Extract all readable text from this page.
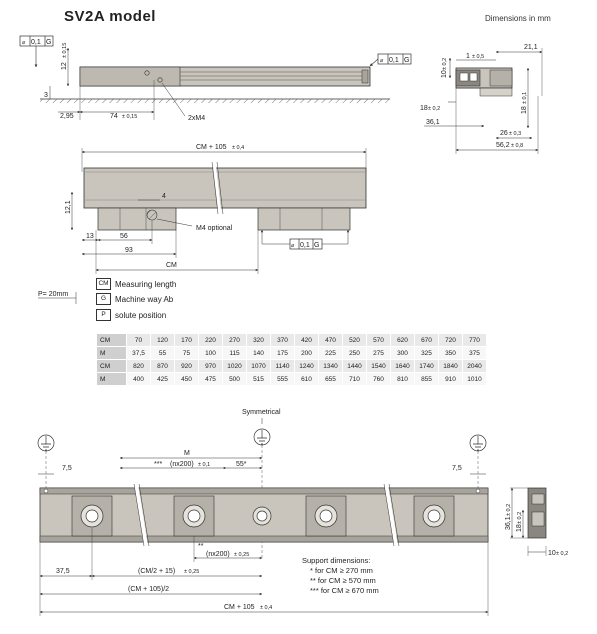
SV2A model	Dimensions in mm
⌀ 0,1 G
⌀ 0,1 G
12
± 0,15
3
2,95	74 ± 0,15	2xM4
1 ± 0,5
21,1
10
± 0,2
18 ± 0,2	18
± 0,1
36,1
26 ± 0,3
56,2 ± 0,8
CM + 105 ± 0,4
4
12,1
13	56
93
CM
M4 optional
⌀ 0,1 G
P= 20mm
Symmetrical
M
7,5	7,5
*** (nx200) ± 0,1	55*
**
(nx200) ± 0,25
37,5	(CM/2 + 15) ± 0,25
(CM + 105)/2
CM + 105 ± 0,4
36,1
± 0,2
18
± 0,2
10 ± 0,2
CM Measuring length
G	Machine way Ab
P	solute position
CM	70	120	170	220	270	320	370	420	470	520	570	620	670	720	770
M	37,5	55	75	100	115	140	175	200	225	250	275	300	325	350	375
CM	820	870	920	970	1020	1070	1140	1240	1340	1440	1540	1640	1740	1840	2040
M	400	425	450	475	500	515	555	610	655	710	760	810	855	910	1010
Support dimensions:
* for CM ≥ 270 mm
** for CM ≥ 570 mm
*** for CM ≥ 670 mm
